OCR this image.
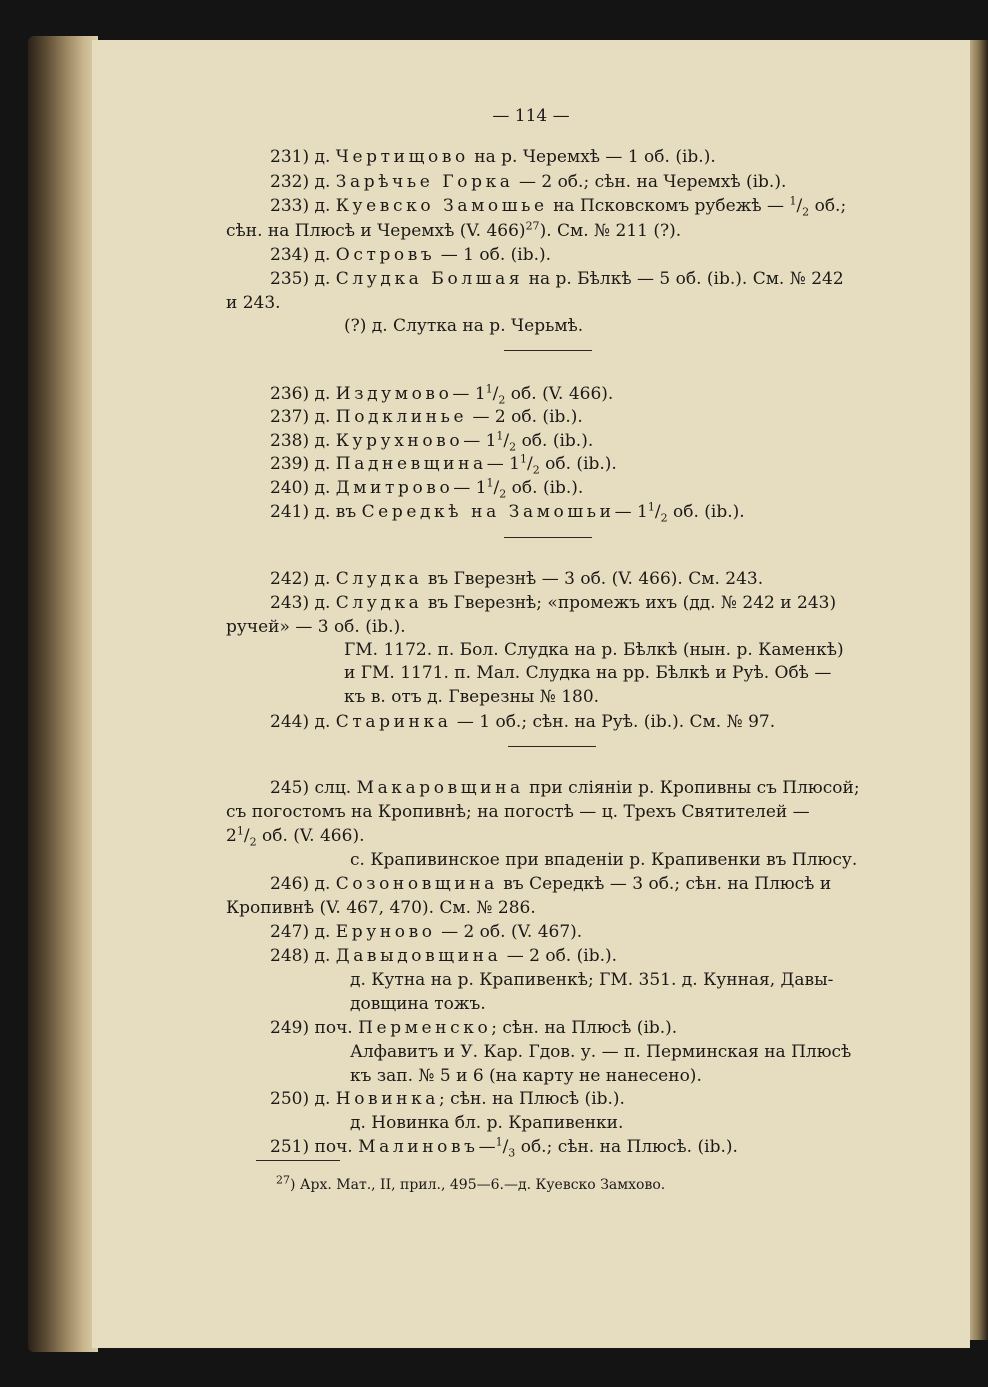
— 114 —
231) д. Чертищово на р. Черемхѣ — 1 об. (ib.).
232) д. Зарѣчье Горка — 2 об.; сѣн. на Черемхѣ (ib.).
233) д. Куевско Замошье на Псковскомъ рубежѣ — $^1/_2$ об.;
сѣн. на Плюсѣ и Черемхѣ (V. 466)$^{27}$). См. № 211 (?).
234) д. Островъ — 1 об. (ib.).
235) д. Слудка Болшая на р. Бѣлкѣ — 5 об. (ib.). См. № 242
и 243.
(?) д. Слутка на р. Черьмѣ.
236) д. Издумово— $1^1/_2$ об. (V. 466).
237) д. Подклинье — 2 об. (ib.).
238) д. Курухново— $1^1/_2$ об. (ib.).
239) д. Падневщина— $1^1/_2$ об. (ib.).
240) д. Дмитрово— $1^1/_2$ об. (ib.).
241) д. въ Середкѣ на Замошьи— $1^1/_2$ об. (ib.).
242) д. Слудка въ Гверезнѣ — 3 об. (V. 466). См. 243.
243) д. Слудка въ Гверезнѣ; «промежъ ихъ (дд. № 242 и 243)
ручей» — 3 об. (ib.).
ГМ. 1172. п. Бол. Слудка на р. Бѣлкѣ (нын. р. Каменкѣ)
и ГМ. 1171. п. Мал. Слудка на рр. Бѣлкѣ и Руѣ. Обѣ —
къ в. отъ д. Гверезны № 180.
244) д. Старинка — 1 об.; сѣн. на Руѣ. (ib.). См. № 97.
245) слц. Макаровщина при сліяніи р. Кропивны съ Плюсой;
съ погостомъ на Кропивнѣ; на погостѣ — ц. Трехъ Святителей —
$2^1/_2$ об. (V. 466).
с. Крапивинское при впаденіи р. Крапивенки въ Плюсу.
246) д. Созоновщина въ Середкѣ — 3 об.; сѣн. на Плюсѣ и
Кропивнѣ (V. 467, 470). См. № 286.
247) д. Еруново — 2 об. (V. 467).
248) д. Давыдовщина — 2 об. (ib.).
д. Кутна на р. Крапивенкѣ; ГМ. 351. д. Кунная, Давы-
довщина тожъ.
249) поч. Перменско; сѣн. на Плюсѣ (ib.).
Алфавитъ и У. Кар. Гдов. у. — п. Перминская на Плюсѣ
къ зап. № 5 и 6 (на карту не нанесено).
250) д. Новинка; сѣн. на Плюсѣ (ib.).
д. Новинка бл. р. Крапивенки.
251) поч. $Малиновъ—^1/_3$ об.; сѣн. на Плюсѣ. (ib.).
$^{27}$) Арх. Мат., II, прил., 495—6.—д. Куевско Замхово.
